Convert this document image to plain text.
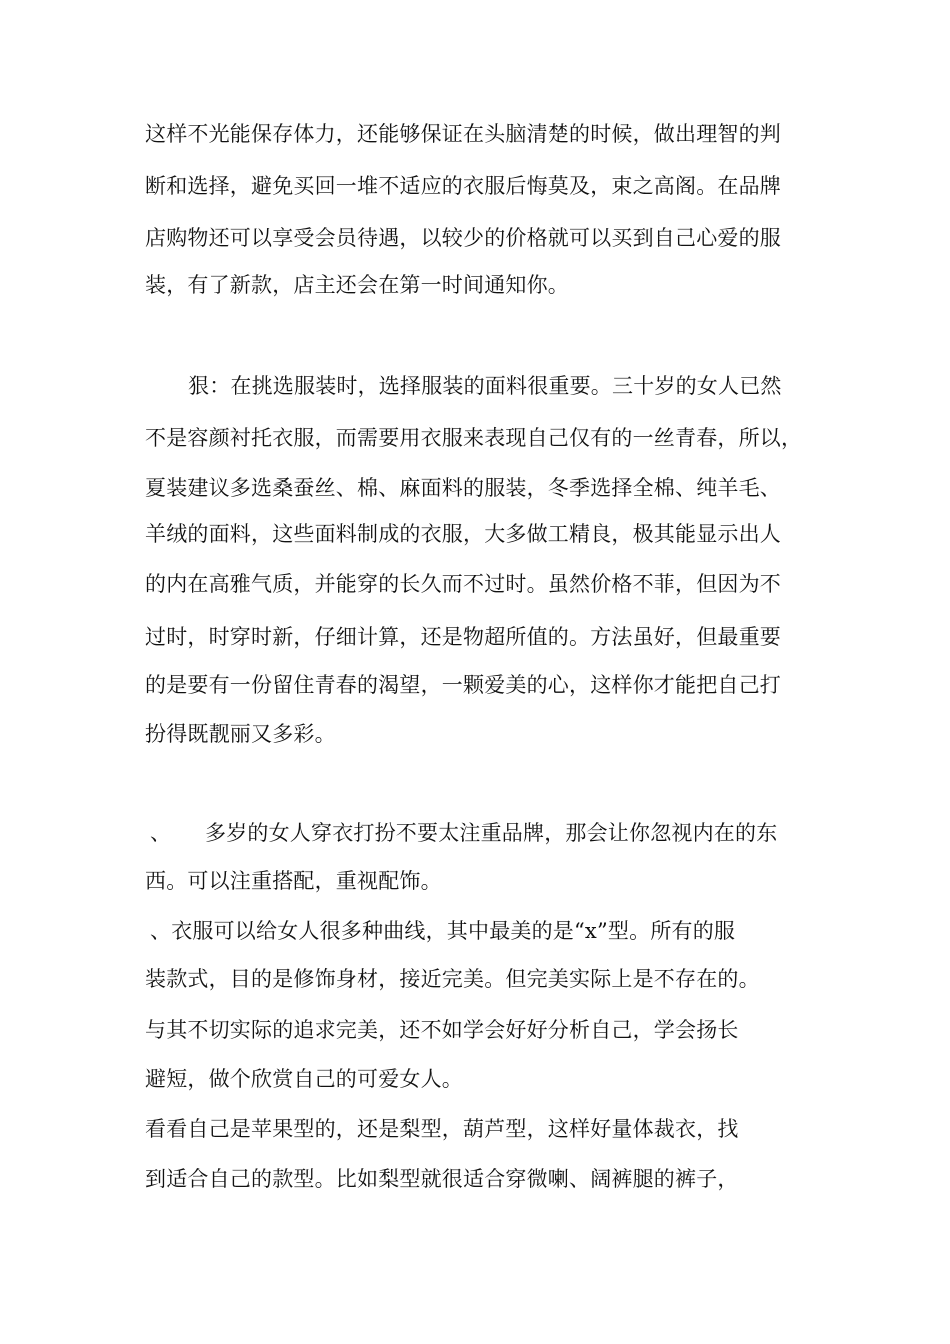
这样不光能保存体力，还能够保证在头脑清楚的时候，做出理智的判
断和选择，避免买回一堆不适应的衣服后悔莫及，束之高阁。在品牌
店购物还可以享受会员待遇，以较少的价格就可以买到自己心爱的服
装，有了新款，店主还会在第一时间通知你。
狠：在挑选服装时，选择服装的面料很重要。三十岁的女人已然
不是容颜衬托衣服，而需要用衣服来表现自己仅有的一丝青春，所以，
夏装建议多选桑蚕丝、棉、麻面料的服装，冬季选择全棉、纯羊毛、
羊绒的面料，这些面料制成的衣服，大多做工精良，极其能显示出人
的内在高雅气质，并能穿的长久而不过时。虽然价格不菲，但因为不
过时，时穿时新，仔细计算，还是物超所值的。方法虽好，但最重要
的是要有一份留住青春的渴望，一颗爱美的心，这样你才能把自己打
扮得既靓丽又多彩。
、	多岁的女人穿衣打扮不要太注重品牌，那会让你忽视内在的东
西。可以注重搭配，重视配饰。
、衣服可以给女人很多种曲线，其中最美的是“x”型。所有的服
装款式，目的是修饰身材，接近完美。但完美实际上是不存在的。
与其不切实际的追求完美，还不如学会好好分析自己，学会扬长
避短，做个欣赏自己的可爱女人。
看看自己是苹果型的，还是梨型，葫芦型，这样好量体裁衣，找
到适合自己的款型。比如梨型就很适合穿微喇、阔裤腿的裤子，
